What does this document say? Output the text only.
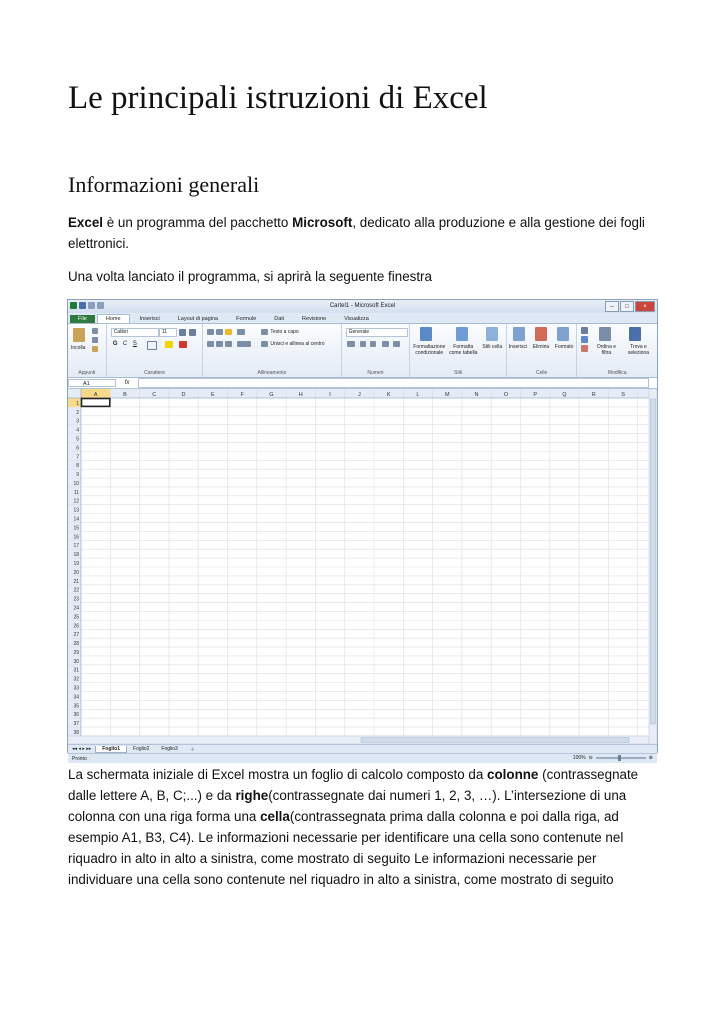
Le principali istruzioni di Excel
Informazioni generali

Excel è un programma del pacchetto Microsoft, dedicato alla produzione e alla gestione dei fogli elettronici.

Una volta lanciato il programma, si aprirà la seguente finestra

Cartel1 - Microsoft Excel	–	□	×
File	Home	Inserisci	Layout di pagina	Formule	Dati	Revisione	Visualizza
Incolla
Appunti
Calibri	11
G C S
Carattere
Testo a capo
Unisci e allinea al centro
Allineamento
Generale
Numeri
Formattazione condizionale
Formatta come tabella
Stili cella
Stili
Inserisci Elimina Formato
Celle
Ordina e filtra
Trova e seleziona
Modifica
A1	fx
A	B	C	D	E	F	G	H	I	J	K	L	M	N	O	P	Q	R	S
1
2
3
4
5
6
7
8
9
10
11
12
13
14
15
16
17
18
19
20
21
22
23
24
25
26
27
28
29
30
31
32
33
34
35
36
37
38
◂◂ ◂ ▸ ▸▸	Foglio1	Foglio2	Foglio3	＋
Pronto	100% ⊖	⊕

La schermata iniziale di Excel mostra un foglio di calcolo composto da colonne (contrassegnate dalle lettere A, B, C;...) e da righe(contrassegnate dai numeri 1, 2, 3, …). L’intersezione di una colonna con una riga forma una cella(contrassegnata prima dalla colonna e poi dalla riga, ad esempio A1, B3, C4). Le informazioni necessarie per identificare una cella sono contenute nel riquadro in alto in alto a sinistra, come mostrato di seguito Le informazioni necessarie per individuare una cella sono contenute nel riquadro in alto a sinistra, come mostrato di seguito
